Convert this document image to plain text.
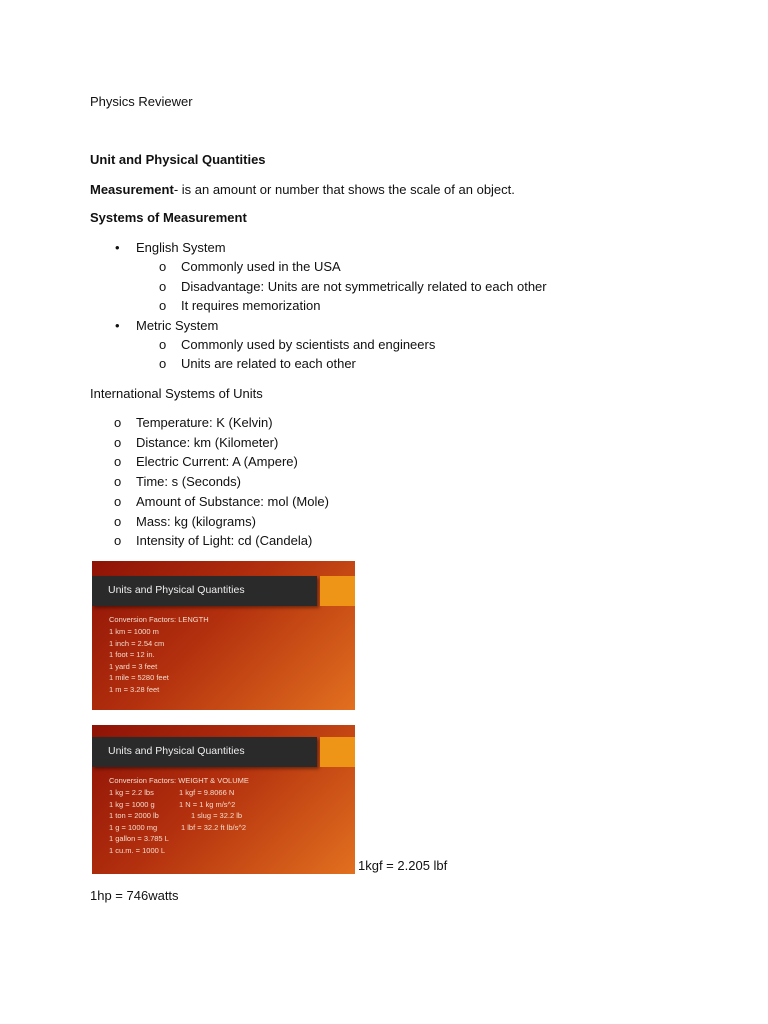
Physics Reviewer
Unit and Physical Quantities
Measurement- is an amount or number that shows the scale of an object.
Systems of Measurement
• English System
o Commonly used in the USA
o Disadvantage: Units are not symmetrically related to each other
o It requires memorization
• Metric System
o Commonly used by scientists and engineers
o Units are related to each other
International Systems of Units
o Temperature: K (Kelvin)
o Distance: km (Kilometer)
o Electric Current: A (Ampere)
o Time: s (Seconds)
o Amount of Substance: mol (Mole)
o Mass: kg (kilograms)
o Intensity of Light: cd (Candela)
Units and Physical Quantities
Conversion Factors: LENGTH
1 km = 1000 m
1 inch = 2.54 cm
1 foot = 12 in.
1 yard = 3 feet
1 mile = 5280 feet
1 m = 3.28 feet
Units and Physical Quantities
Conversion Factors: WEIGHT & VOLUME
1 kg = 2.2 lbs
1 kg = 1000 g
1 ton = 2000 lb
1 g = 1000 mg
1 gallon = 3.785 L
1 cu.m. = 1000 L
1 kgf = 9.8066 N
1 N = 1 kg m/s^2
1 slug = 32.2 lb
1 lbf = 32.2 ft lb/s^2
1kgf = 2.205 lbf
1hp = 746watts
